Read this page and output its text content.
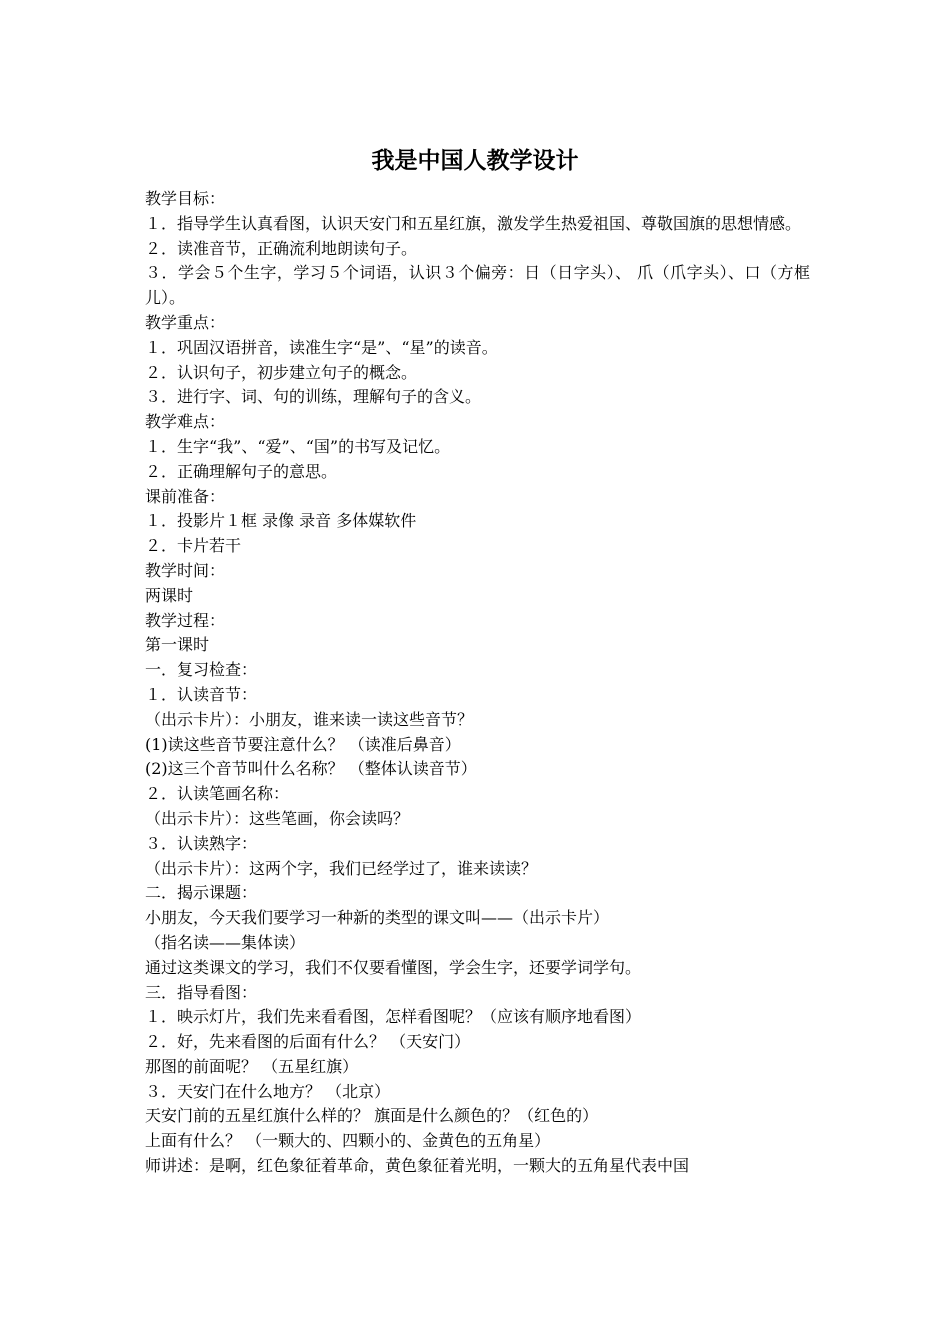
我是中国人教学设计

教学目标：

１．指导学生认真看图，认识天安门和五星红旗，激发学生热爱祖国、尊敬国旗的思想情感。

２．读准音节，正确流利地朗读句子。

３．学会５个生字，学习５个词语，认识３个偏旁：日（日字头）、 爪（爪字头）、口（方框儿）。

教学重点：

１．巩固汉语拼音，读准生字“是”、“星”的读音。

２．认识句子，初步建立句子的概念。

３．进行字、词、句的训练，理解句子的含义。

教学难点：

１．生字“我”、“爱”、“国”的书写及记忆。

２．正确理解句子的意思。

课前准备：

１．投影片１框 录像 录音 多体媒软件

２．卡片若干

教学时间：

两课时

教学过程：

第一课时

一．复习检查：

１．认读音节：

（出示卡片）：小朋友，谁来读一读这些音节？

(1)读这些音节要注意什么？ （读准后鼻音）

(2)这三个音节叫什么名称？ （整体认读音节）

２．认读笔画名称：

（出示卡片）：这些笔画，你会读吗？

３．认读熟字：

（出示卡片）：这两个字，我们已经学过了，谁来读读？

二．揭示课题：

小朋友，今天我们要学习一种新的类型的课文叫——（出示卡片）

（指名读——集体读）

通过这类课文的学习，我们不仅要看懂图，学会生字，还要学词学句。

三．指导看图：

１．映示灯片，我们先来看看图，怎样看图呢？（应该有顺序地看图）

２．好，先来看图的后面有什么？ （天安门）

那图的前面呢？ （五星红旗）

３．天安门在什么地方？ （北京）

天安门前的五星红旗什么样的？ 旗面是什么颜色的？（红色的）

上面有什么？ （一颗大的、四颗小的、金黄色的五角星）

师讲述：是啊，红色象征着革命，黄色象征着光明，一颗大的五角星代表中国
